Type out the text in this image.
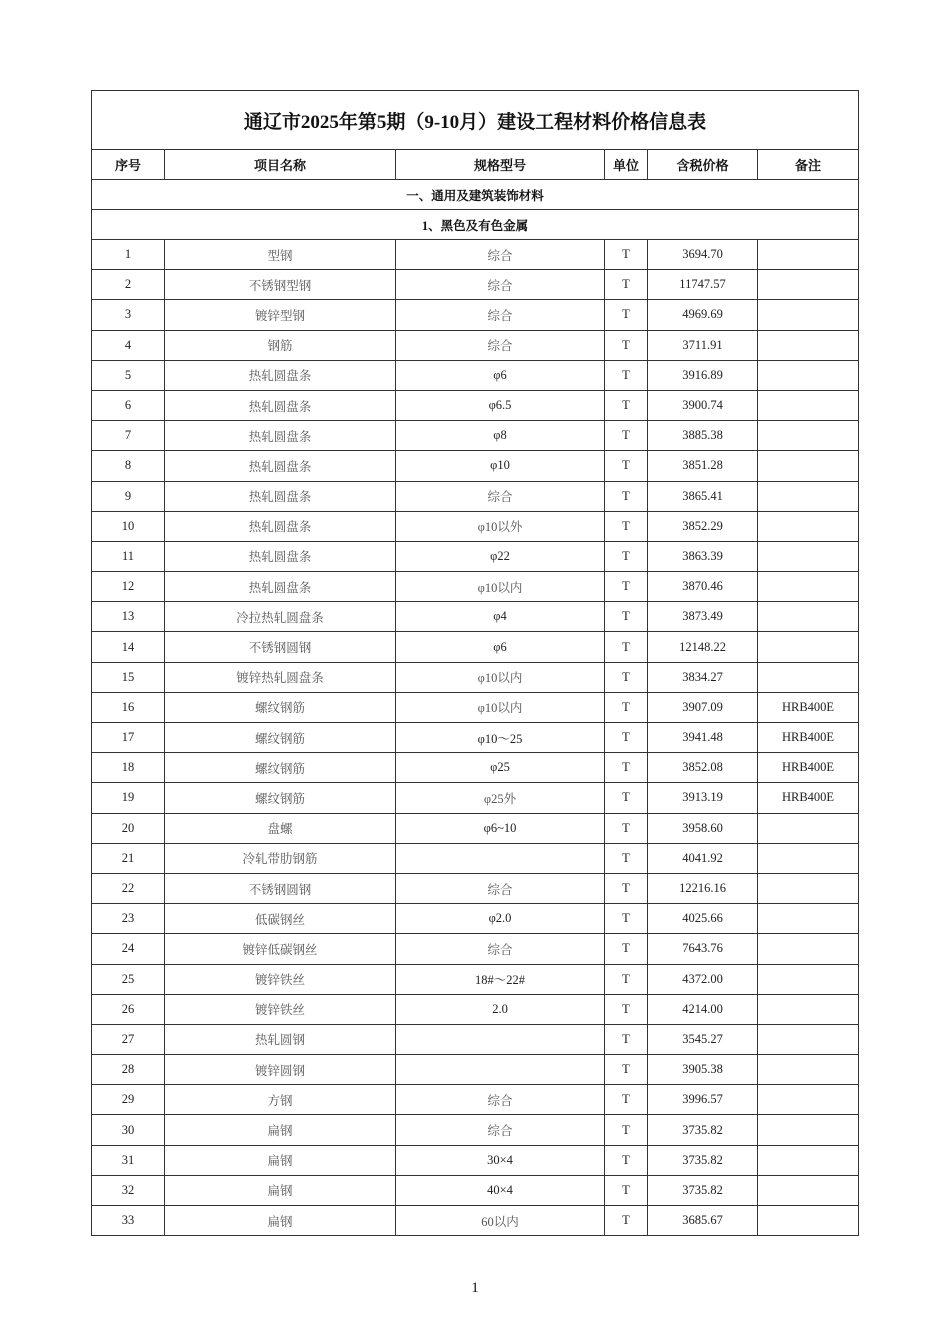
通辽市2025年第5期（9-10月）建设工程材料价格信息表					
序号	项目名称	规格型号	单位	含税价格	备注
一、通用及建筑装饰材料					
1、黑色及有色金属					
1	型钢	综合	T	3694.70	
2	不锈钢型钢	综合	T	11747.57	
3	镀锌型钢	综合	T	4969.69	
4	钢筋	综合	T	3711.91	
5	热轧圆盘条	φ6	T	3916.89	
6	热轧圆盘条	φ6.5	T	3900.74	
7	热轧圆盘条	φ8	T	3885.38	
8	热轧圆盘条	φ10	T	3851.28	
9	热轧圆盘条	综合	T	3865.41	
10	热轧圆盘条	φ10以外	T	3852.29	
11	热轧圆盘条	φ22	T	3863.39	
12	热轧圆盘条	φ10以内	T	3870.46	
13	冷拉热轧圆盘条	φ4	T	3873.49	
14	不锈钢圆钢	φ6	T	12148.22	
15	镀锌热轧圆盘条	φ10以内	T	3834.27	
16	螺纹钢筋	φ10以内	T	3907.09	HRB400E
17	螺纹钢筋	φ10～25	T	3941.48	HRB400E
18	螺纹钢筋	φ25	T	3852.08	HRB400E
19	螺纹钢筋	φ25外	T	3913.19	HRB400E
20	盘螺	φ6~10	T	3958.60	
21	冷轧带肋钢筋		T	4041.92	
22	不锈钢圆钢	综合	T	12216.16	
23	低碳钢丝	φ2.0	T	4025.66	
24	镀锌低碳钢丝	综合	T	7643.76	
25	镀锌铁丝	18#～22#	T	4372.00	
26	镀锌铁丝	2.0	T	4214.00	
27	热轧圆钢		T	3545.27	
28	镀锌圆钢		T	3905.38	
29	方钢	综合	T	3996.57	
30	扁钢	综合	T	3735.82	
31	扁钢	30×4	T	3735.82	
32	扁钢	40×4	T	3735.82	
33	扁钢	60以内	T	3685.67	
1
